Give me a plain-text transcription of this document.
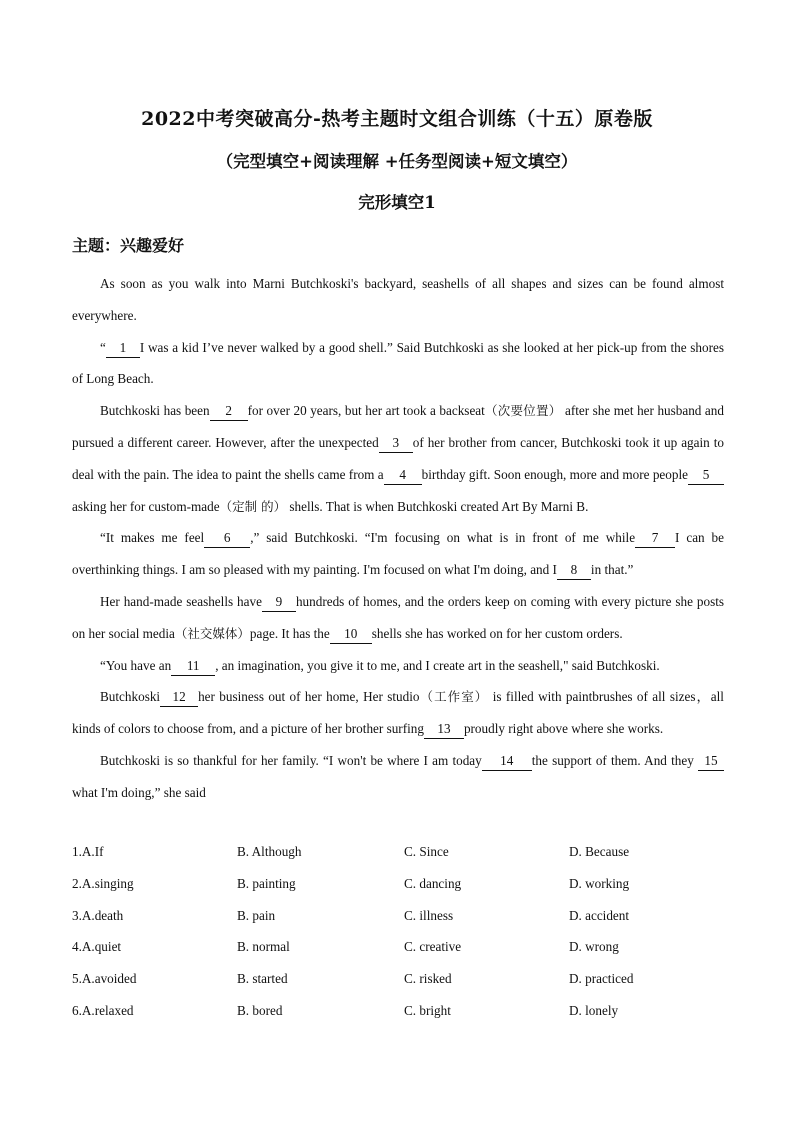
2022中考突破高分-热考主题时文组合训练（十五）原卷版
（完型填空+阅读理解 +任务型阅读+短文填空）
完形填空1
主题：兴趣爱好

As soon as you walk into Marni Butchkoski's backyard, seashells of all shapes and sizes can be found almost everywhere.

“ 1 I was a kid I’ve never walked by a good shell.” Said Butchkoski as she looked at her pick-up from the shores of Long Beach.

Butchkoski has been 2 for over 20 years, but her art took a backseat（次要位置） after she met her husband and pursued a different career. However, after the unexpected 3 of her brother from cancer, Butchkoski took it up again to deal with the pain. The idea to paint the shells came from a 4 birthday gift. Soon enough, more and more people 5asking her for custom-made（定制 的） shells. That is when Butchkoski created Art By Marni B.

“It makes me feel 6 ,” said Butchkoski. “I'm focusing on what is in front of me while 7 I can be overthinking things. I am so pleased with my painting. I'm focused on what I'm doing, and I 8 in that.”

Her hand-made seashells have 9 hundreds of homes, and the orders keep on coming with every picture she posts on her social media（社交媒体）page. It has the 10 shells she has worked on for her custom orders.

“You have an 11 , an imagination, you give it to me, and I create art in the seashell," said Butchkoski.

Butchkoski 12 her business out of her home, Her studio（工作室） is filled with paintbrushes of all sizes，all kinds of colors to choose from, and a picture of her brother surfing 13 proudly right above where she works.

Butchkoski is so thankful for her family. “I won't be where I am today 14 the support of them. And they 15what I'm doing,” she said

1.A.If	B. Although	C. Since	D. Because
2.A.singing	B. painting	C. dancing	D. working
3.A.death	B. pain	C. illness	D. accident
4.A.quiet	B. normal	C. creative	D. wrong
5.A.avoided	B. started	C. risked	D. practiced
6.A.relaxed	B. bored	C. bright	D. lonely
